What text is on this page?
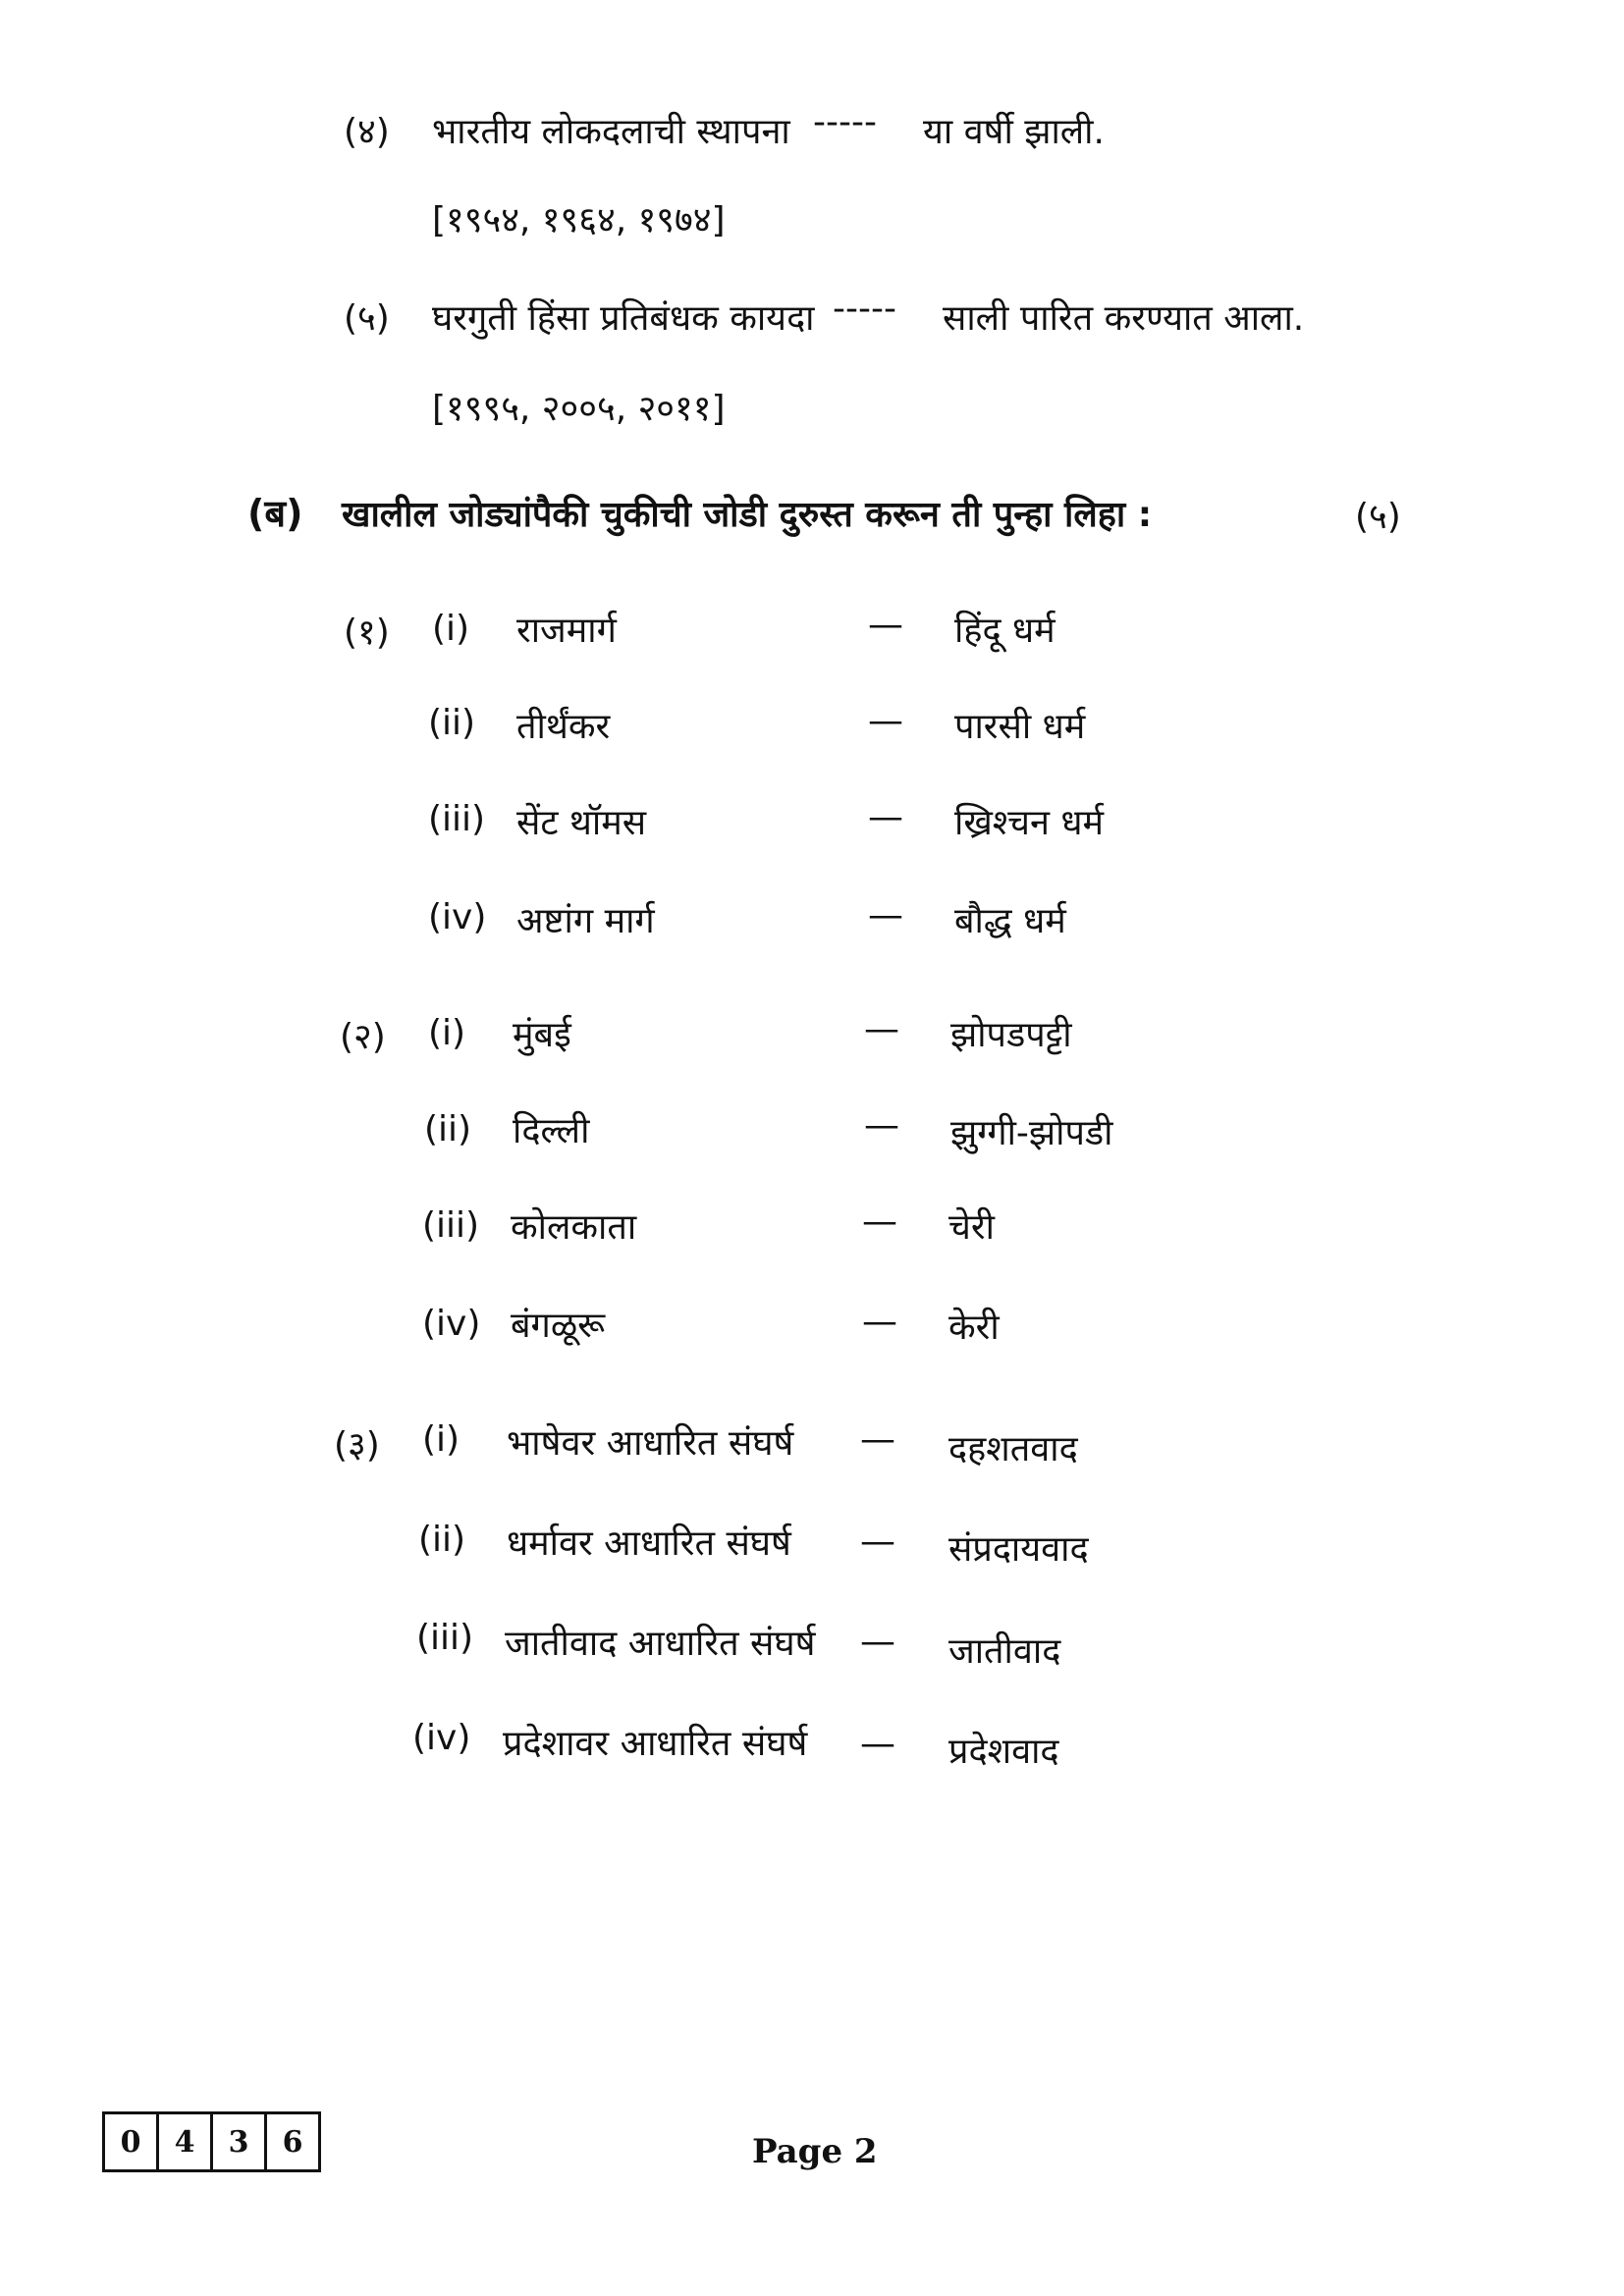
(४) भारतीय लोकदलाची स्थापना ----- या वर्षी झाली.
[१९५४, १९६४, १९७४]
(५) घरगुती हिंसा प्रतिबंधक कायदा ----- साली पारित करण्यात आला.
[१९९५, २००५, २०११]
(ब) खालील जोड्यांपैकी चुकीची जोडी दुरुस्त करून ती पुन्हा लिहा :	(५)
(१) (i) राजमार्ग	— हिंदू धर्म
(ii) तीर्थंकर	— पारसी धर्म
(iii) सेंट थॉमस	— ख्रिश्चन धर्म
(iv) अष्टांग मार्ग	— बौद्ध धर्म
(२) (i) मुंबई	— झोपडपट्टी
(ii) दिल्ली	— झुग्गी-झोपडी
(iii) कोलकाता	— चेरी
(iv) बंगळूरू	— केरी
(३) (i) भाषेवर आधारित संघर्ष — दहशतवाद
(ii) धर्मावर आधारित संघर्ष — संप्रदायवाद
(iii) जातीवाद आधारित संघर्ष — जातीवाद
(iv) प्रदेशावर आधारित संघर्ष — प्रदेशवाद
0	4	3	6	Page 2
